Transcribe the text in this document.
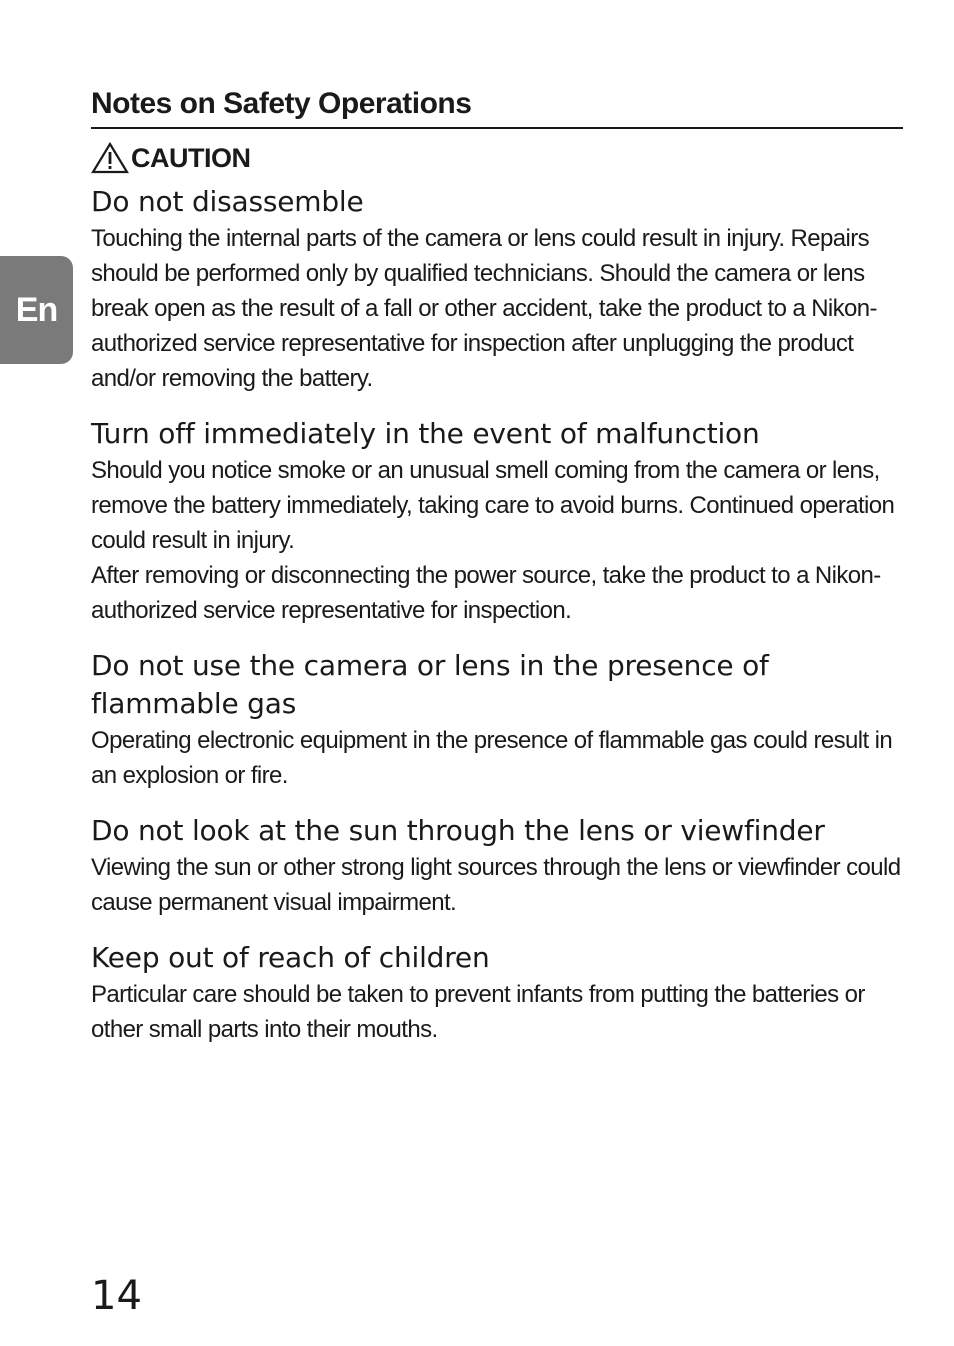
En
Notes on Safety Operations
CAUTION
Do not disassemble

Touching the internal parts of the camera or lens could result in injury. Repairs should be performed only by qualified technicians. Should the camera or lens break open as the result of a fall or other accident, take the product to a Nikon-authorized service representative for inspection after unplugging the product and/or removing the battery.

Turn off immediately in the event of malfunction

Should you notice smoke or an unusual smell coming from the camera or lens, remove the battery immediately, taking care to avoid burns. Continued operation could result in injury.

After removing or disconnecting the power source, take the product to a Nikon-authorized service representative for inspection.

Do not use the camera or lens in the presence of flammable gas

Operating electronic equipment in the presence of flammable gas could result in an explosion or fire.

Do not look at the sun through the lens or viewfinder

Viewing the sun or other strong light sources through the lens or viewfinder could cause permanent visual impairment.

Keep out of reach of children

Particular care should be taken to prevent infants from putting the batteries or other small parts into their mouths.

14
